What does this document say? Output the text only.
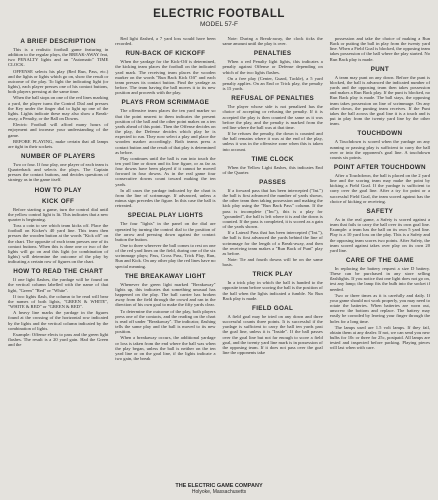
ELECTRIC FOOTBALL
MODEL 57-F
A BRIEF DESCRIPTION
This is a realistic football game featuring in addition to the regular plays, the BREAK-AWAY feat, two PENALTY lights and an "Automatic" TIME CLOCK.
OFFENSE selects his play (Red Run, Pass, etc.) and the lights or lights which go on, show the result or outcome of the play. To light the indicating light (or lights), each player presses one of his contact buttons, both players pressing at the same time.
When the ball stops on one of the red lines marking a yard, the player turns the Control Dial and presses the Key under the finger dial to light up one of the lights. Lights indicate these may also show a Break-away, a Penalty, or the Ball on Downs.
Electric Football will afford many hours of enjoyment and increase your understanding of the game.
BEFORE PLAYING, make certain that all lamps are tight in their sockets.
NUMBER OF PLAYERS
Two or four. If four play, one player of each team is Quarterback and selects the plays. The Captain presses the contact buttons, and decides questions of strategy as in the game itself.
HOW TO PLAY
KICK OFF
Before starting a game, turn the control dial until the yellow control light is lit. This indicates that a new quarter is beginning.
Toss a coin to see which team kicks off. Place the football on Kicker's 40 yard line. This team then presses the wooden button at the words "Kick off" on the chart. The opposite of each team presses one of its contact buttons. When this is done one or two of the lights will go on and this light (or combination of lights) will determine the outcome of the play by indicating a certain row of figures on the chart.
HOW TO READ THE CHART
If one light flashes, the yardage will be found on the vertical column labelled with the name of that light, "Green" "Red" or "White".
If two lights flash, the column to be read will bear the names of both lights, "GREEN & WHITE", "WHITE & RED" or "GREEN & RED".
A heavy line marks the yardage in the figures found at the crossing of the horizontal row indicated by the lights and the vertical column indicated by the combination of lights.
Example: Offense elects to pass and the green light flashes. The result is a 20 yard gain. Had the Green and the
Red light flashed, a 7 yard loss would have been recorded.
RUN-BACK OF KICKOFF
When the yardage for the Kick-Off is determined, the kicking team places the football on the indicated yard mark. The receiving team places the wooden marker on the words "Run Back Kick Off" and each team presses its contact button. Find the yardage as before. The team having the ball moves it to its new position and proceeds with the play.
PLAYS FROM SCRIMMAGE
The offensive team places the ten yard marker so that the point nearest to them indicates the present position of the ball and the other point makes on a ten yards ahead of this point. Then the Offense decides on the play, the Defense decides which play he is expected to run. They now select a play and place the wooden marker accordingly. Both teams press a contact button and the result of that play is determined as before.
Play continues until the ball is run into touch the ten yard line or down and its line figure, or as far as four downs have been played if it cannot be moved forward in four downs. As in the real game four consecutive downs count toward making the ten yards.
In all cases the yardage indicated by the chart is from the line of scrimmage. If advanced, unless a minus sign precedes the figure. In this case the ball is retreated.
SPECIAL PLAY LIGHTS
The four "lights" in the panel on the dial are operated by turning the control dial to the position of the arrow and pressing down against the contact button the button.
One to three wherever the ball comes to rest on one of the red yard lines on the field, during one of the six scrimmage plays; Pass, Cross Pass, Trick Play, Run, Run and Kick. On any other play the red lines have no special meaning.
THE BREAKAWAY LIGHT
Whenever the green light marked "Breakaway" lights up, this indicates that something unusual has happened on the play. The ball carrier has broken away from the field through the crowd and ran in the direction of his own goal to make the fifty yards clear.
To determine the outcome of the play, both players press one of the contacts, and the reading on the chart is read off under "Breakaway". The indicator, flashing tells the same play and the ball is moved to its new position.
When a breakaway occurs, the additional yardage or loss is taken from the end where the ball was when the play began, unless the ball is neither on the ten yard line or on the goal line, if the lights indicate a two gain, the break
Note: During a Break-away, the clock ticks the same amount until the play is over.
PENALTIES
When a red Penalty light lights, this indicates a penalty against Offense or Defense depending on which of the two lights flashes.
On a free play (Center, Guard, Tackle), a 5 yard penalty applies. On an End or Trick play, the penalty is 15 yards.
REFUSAL OF PENALTIES
The player whose side is not penalized has the choice of accepting or refusing the penalty. If it is accepted the play is then counted the same as it was before the play, and the penalty is marked from the red line where the ball was at that time.
If he refuses the penalty, the down is counted and the ball remains where it was at the end of the play, unless it was in the offensive zone when this is taken into account.
TIME CLOCK
When the Yellow Light flashes, this indicates End of the Quarter.
PASSES
If a forward pass that has been intercepted ("Int.") the ball is first advanced the number of yards shown, the other team then taking possession and making the kick play using the "Run Back Pass" column. If the pass is incomplete ("Inc"), this is a play for "grounded", the ball is left where it is and the down is counted. If the pass is completed, it is scored as a gain of the yards shown.
If a Lateral Pass that has been intercepted ("Int."), the ball is first advanced the yards behind the line of scrimmage for the length of a Break-away, and then the receiving team makes a "Run Back of Punt" play as before.
Note: Tie and fourth downs will be on the same basis.
TRICK PLAY
In a trick play in which the ball is handed to the opposite team before scoring the ball is the position of the ball when the lights indicated a fumble. No Run Back play is made.
FIELD GOAL
A field goal may be tried on any down and three successful counts three points. It is successful if the yardage is sufficient to carry the ball ten yards past the goal line, unless it is "Inside". If the ball passes over the goal line but not far enough to score a field goal, and the twenty yard line mark is in possession of the opposing team. If it does not pass over the goal line the opponents take
possession and take the choice of making a Run Back or putting the ball in play from the twenty yard line. When a Field Goal is blocked, the opposing team takes possession of the ball where the play started. No Run Back play is made.
PUNT
A team may punt on any down. Before the punt is blocked, the ball is advanced the indicated number of yards and the opposing team then takes possession and makes a Run Back play. If the punt is blocked, no Run Back play is made. The ball stays, the opposing team takes possession on line of scrimmage. On any other down, the punting team receives. If the Punt takes the ball across the goal line it is a touch and is put in play from the twenty yard line by the other team.
TOUCHDOWN
A Touchdown is scored when the yardage on any running or passing play is sufficient to carry the ball over or into the opponent's goal line. A touchdown counts six points.
POINT AFTER TOUCHDOWN
After a Touchdown, the ball is placed on the 2 yard line and the scoring team may make the point by kicking a Field Goal. If the yardage is sufficient to carry over the goal line. After a try for point or a successful Field Goal, the team scored against has the choice of kicking or receiving.
SAFETY
As in the real game, a Safety is scored against a team that fails to carry the ball over its own goal line. Example: a team has the ball on its own 5 yard line. Play is a 10 yard loss on the play. This is a Safety and the opposing team scores two points. After Safety, the team scored against takes over play on its own 20 yard line.
CARE OF THE GAME
In replacing the battery request a size D battery. These can be purchased in any store selling flashlights. If you notice that one light does not go on, test any lamp; the lamp fits the bulb into the socket if needed.
Two or three times as it is carefully and daily. If your game should not work properly, you may need to rotate the batteries. When batteries are worn out, unscrew the bottom and replace. The battery may easily be corroded by leaving your finger through the holes for a long time.
The lamps used are 1.5 volt lamps. If they fail, obtain them at any dealer. If not, we can send you new bulbs for 10c or three for 25c, postpaid. All lamps are tested and inspected before packing. Playing pieces will last when with care.
THE ELECTRIC GAME COMPANY
Holyoke, Massachusetts
